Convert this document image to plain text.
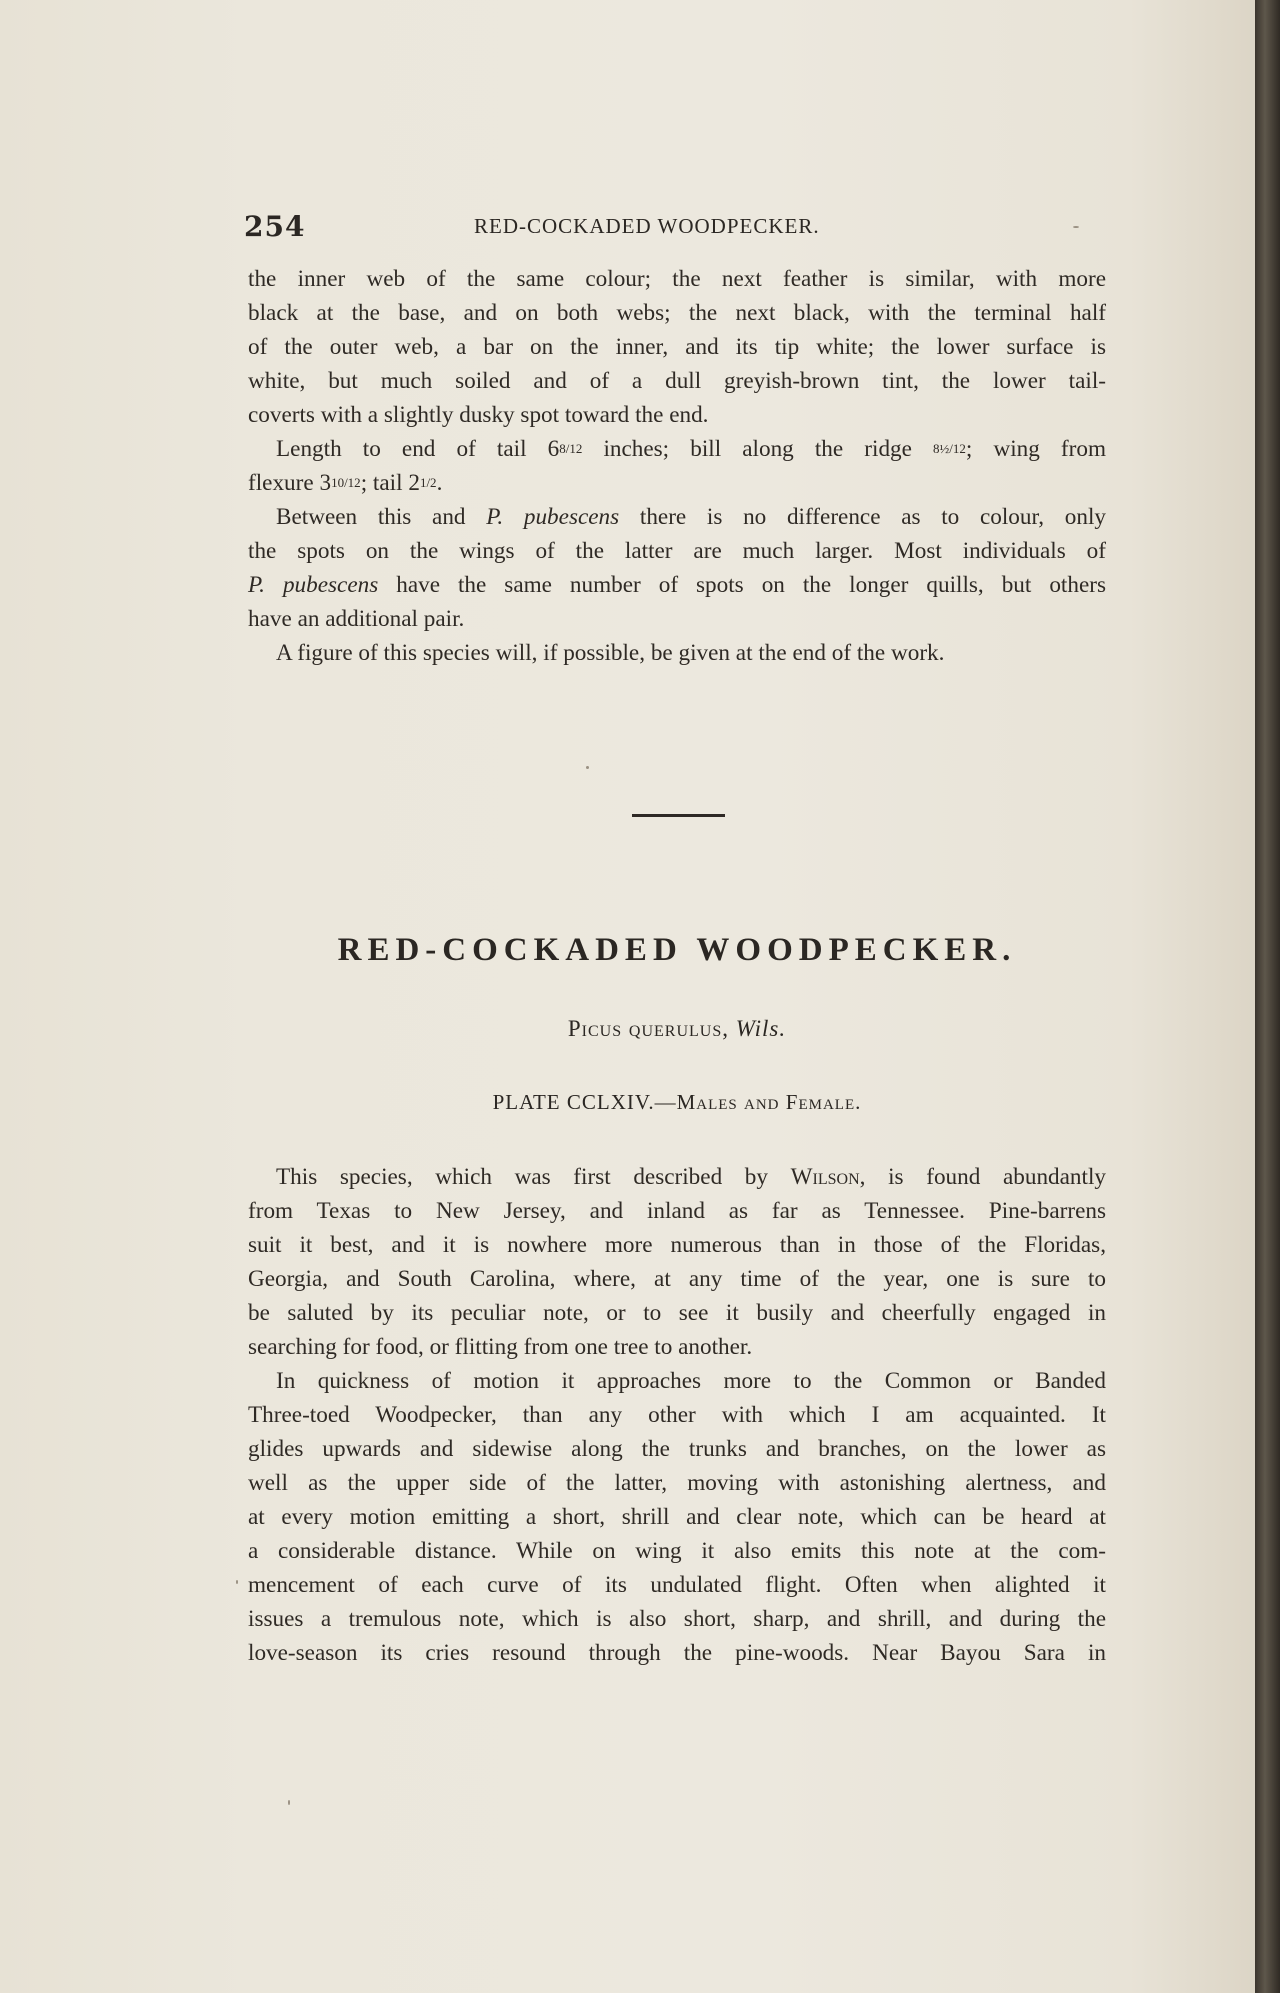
254	RED-COCKADED WOODPECKER.

the inner web of the same colour; the next feather is similar, with more

black at the base, and on both webs; the next black, with the terminal half

of the outer web, a bar on the inner, and its tip white; the lower surface is

white, but much soiled and of a dull greyish-brown tint, the lower tail-

coverts with a slightly dusky spot toward the end.

Length to end of tail 68/12 inches; bill along the ridge 8½/12; wing from

flexure 310/12; tail 21/2.

Between this and P. pubescens there is no difference as to colour, only

the spots on the wings of the latter are much larger. Most individuals of

P. pubescens have the same number of spots on the longer quills, but others

have an additional pair.

A figure of this species will, if possible, be given at the end of the work.

RED-COCKADED WOODPECKER.
Picus querulus, Wils.
PLATE CCLXIV.—Males and Female.

This species, which was first described by Wilson, is found abundantly

from Texas to New Jersey, and inland as far as Tennessee. Pine-barrens

suit it best, and it is nowhere more numerous than in those of the Floridas,

Georgia, and South Carolina, where, at any time of the year, one is sure to

be saluted by its peculiar note, or to see it busily and cheerfully engaged in

searching for food, or flitting from one tree to another.

In quickness of motion it approaches more to the Common or Banded

Three-toed Woodpecker, than any other with which I am acquainted. It

glides upwards and sidewise along the trunks and branches, on the lower as

well as the upper side of the latter, moving with astonishing alertness, and

at every motion emitting a short, shrill and clear note, which can be heard at

a considerable distance. While on wing it also emits this note at the com-

mencement of each curve of its undulated flight. Often when alighted it

issues a tremulous note, which is also short, sharp, and shrill, and during the

love-season its cries resound through the pine-woods. Near Bayou Sara in
